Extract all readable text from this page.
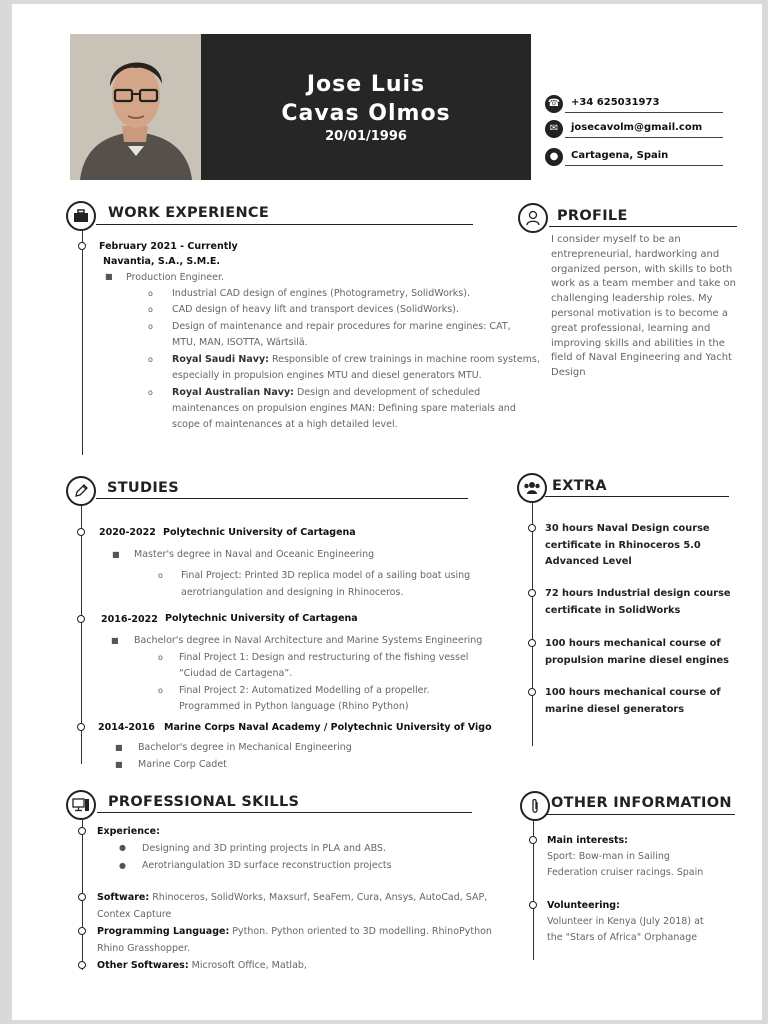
Jose Luis
Cavas Olmos
20/01/1996
☎ +34 625031973
✉	josecavolm@gmail.com
●	Cartagena, Spain
WORK EXPERIENCE
February 2021 - Currently
Navantia, S.A., S.M.E.
■ Production Engineer.
o Industrial CAD design of engines (Photogrametry, SolidWorks).
o CAD design of heavy lift and transport devices (SolidWorks).
o Design of maintenance and repair procedures for marine engines: CAT,
MTU, MAN, ISOTTA, Wärtsilä.
o Royal Saudi Navy: Responsible of crew trainings in machine room systems,
especially in propulsion engines MTU and diesel generators MTU.
o Royal Australian Navy: Design and development of scheduled
maintenances on propulsion engines MAN: Defining spare materials and
scope of maintenances at a high detailed level.
PROFILE
I consider myself to be an entrepreneurial, hardworking and organized person, with skills to both work as a team member and take on challenging leadership roles. My personal motivation is to become a great professional, learning and improving skills and abilities in the field of Naval Engineering and Yacht Design
STUDIES
2020-2022 Polytechnic University of Cartagena
■ Master's degree in Naval and Oceanic Engineering
o Final Project: Printed 3D replica model of a sailing boat using
aerotriangulation and designing in Rhinoceros.
2016-2022 Polytechnic University of Cartagena
■ Bachelor's degree in Naval Architecture and Marine Systems Engineering
o Final Project 1: Design and restructuring of the fishing vessel
“Ciudad de Cartagena”.
o Final Project 2: Automatized Modelling of a propeller.
Programmed in Python language (Rhino Python)
2014-2016 Marine Corps Naval Academy / Polytechnic University of Vigo
■ Bachelor's degree in Mechanical Engineering
■ Marine Corp Cadet
EXTRA
30 hours Naval Design course
certificate in Rhinoceros 5.0
Advanced Level
72 hours Industrial design course
certificate in SolidWorks
100 hours mechanical course of
propulsion marine diesel engines
100 hours mechanical course of
marine diesel generators
PROFESSIONAL SKILLS
Experience:
● Designing and 3D printing projects in PLA and ABS.
● Aerotriangulation 3D surface reconstruction projects
Software: Rhinoceros, SolidWorks, Maxsurf, SeaFem, Cura, Ansys, AutoCad, SAP,
Contex Capture
Programming Language: Python. Python oriented to 3D modelling. RhinoPython
Rhino Grasshopper.
Other Softwares: Microsoft Office, Matlab,
OTHER INFORMATION
Main interests:
Sport: Bow-man in Sailing
Federation cruiser racings. Spain
Volunteering:
Volunteer in Kenya (July 2018) at
the "Stars of Africa" Orphanage
